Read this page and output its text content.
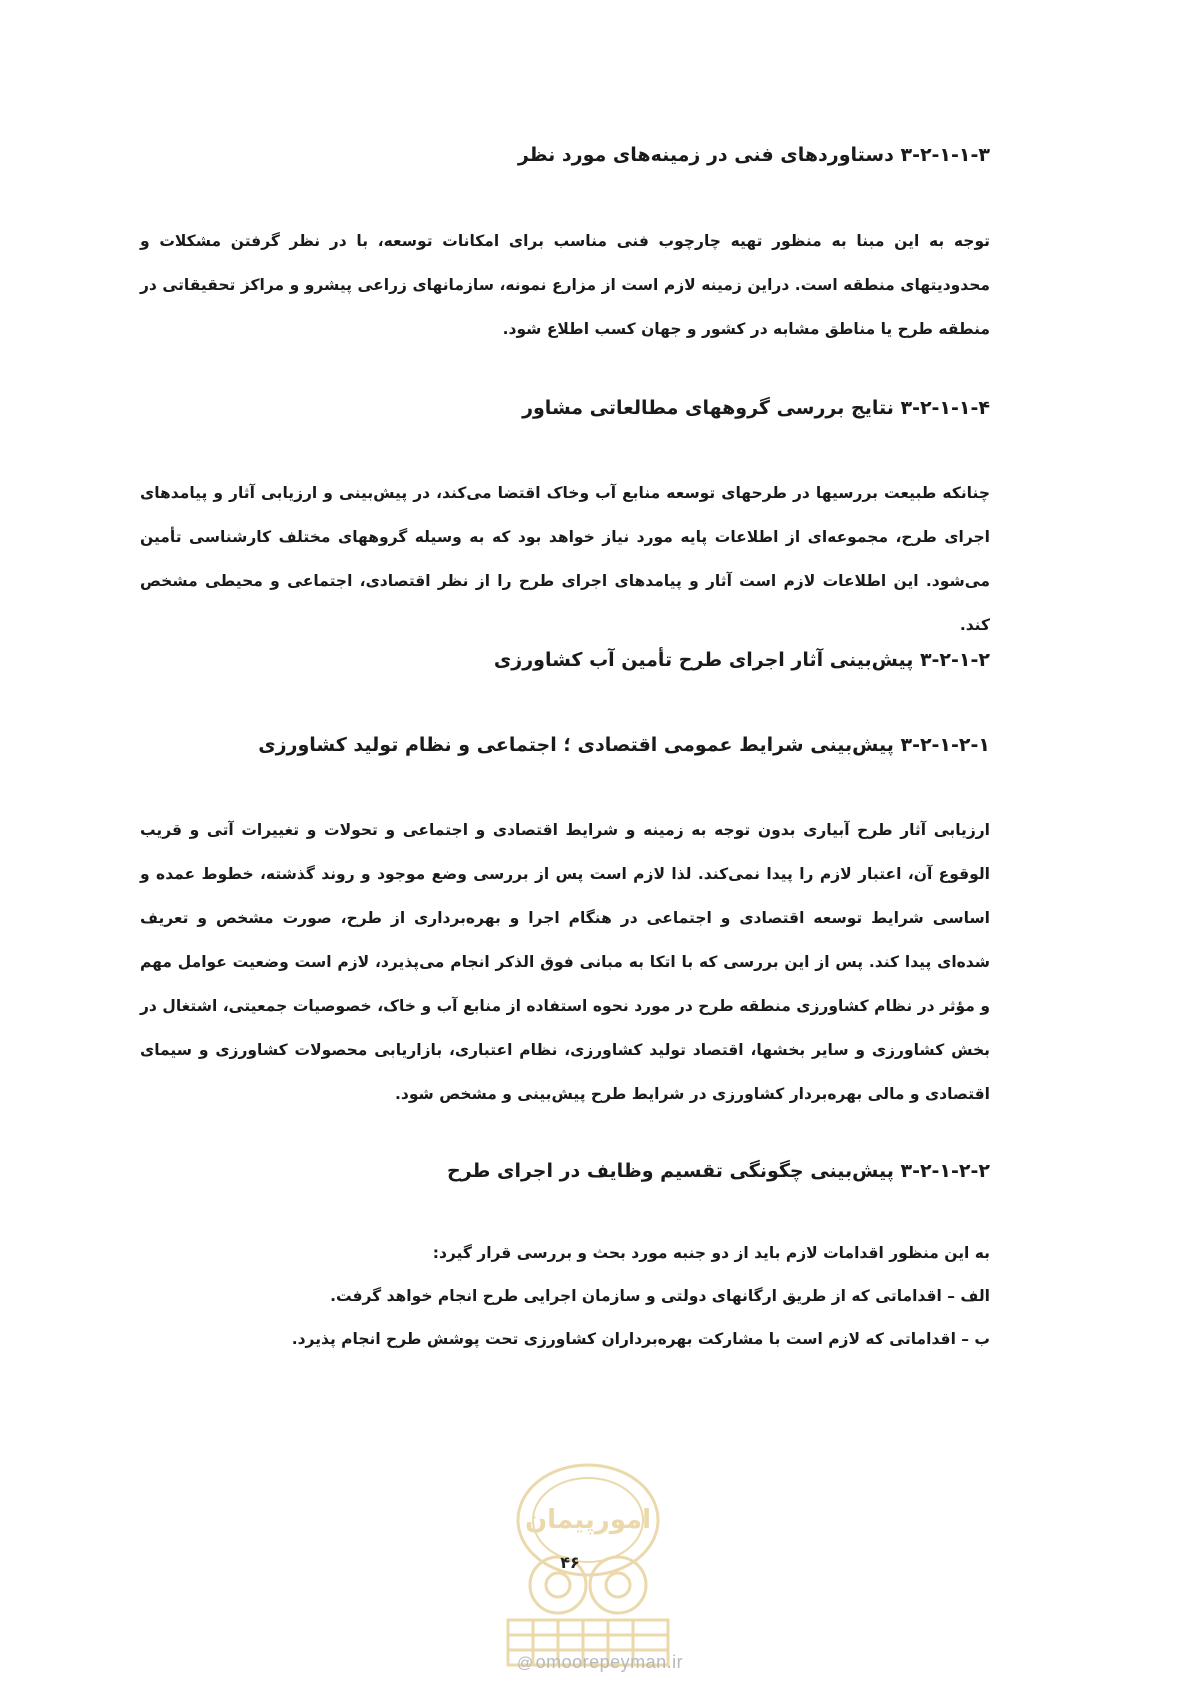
۳-۲-۱-۱-۳ دستاوردهای فنی در زمینه‌های مورد نظر
توجه به این مبنا به منظور تهیه چارچوب فنی مناسب برای امکانات توسعه، با در نظر گرفتن مشکلات و محدودیتهای منطقه است. دراین زمینه لازم است از مزارع نمونه، سازمانهای زراعی پیشرو و مراکز تحقیقاتی در منطقه طرح یا مناطق مشابه در کشور و جهان کسب اطلاع شود.
۳-۲-۱-۱-۴ نتایج بررسی گروههای مطالعاتی مشاور
چنانکه طبیعت بررسیها در طرحهای توسعه منابع آب وخاک اقتضا می‌کند، در پیش‌بینی و ارزیابی آثار و پیامدهای اجرای طرح، مجموعه‌ای از اطلاعات پایه مورد نیاز خواهد بود که به وسیله گروههای مختلف کارشناسی تأمین می‌شود. این اطلاعات لازم است آثار و پیامدهای اجرای طرح را از نظر اقتصادی، اجتماعی و محیطی مشخص کند.
۳-۲-۱-۲ پیش‌بینی آثار اجرای طرح تأمین آب کشاورزی
۳-۲-۱-۲-۱ پیش‌بینی شرایط عمومی اقتصادی ؛ اجتماعی و نظام تولید کشاورزی
ارزیابی آثار طرح آبیاری بدون توجه به زمینه و شرایط اقتصادی و اجتماعی و تحولات و تغییرات آتی و قریب الوقوع آن، اعتبار لازم را پیدا نمی‌کند. لذا لازم است پس از بررسی وضع موجود و روند گذشته، خطوط عمده و اساسی شرایط توسعه اقتصادی و اجتماعی در هنگام اجرا و بهره‌برداری از طرح، صورت مشخص و تعریف شده‌ای پیدا کند. پس از این بررسی که با اتکا به مبانی فوق الذکر انجام می‌پذیرد، لازم است وضعیت عوامل مهم و مؤثر در نظام کشاورزی منطقه طرح در مورد نحوه استفاده از منابع آب و خاک، خصوصیات جمعیتی، اشتغال در بخش کشاورزی و سایر بخشها، اقتصاد تولید کشاورزی، نظام اعتباری، بازاریابی محصولات کشاورزی و سیمای اقتصادی و مالی بهره‌بردار کشاورزی در شرایط طرح پیش‌بینی و مشخص شود.
۳-۲-۱-۲-۲ پیش‌بینی چگونگی تقسیم وظایف در اجرای طرح
به این منظور اقدامات لازم باید از دو جنبه مورد بحث و بررسی قرار گیرد:
الف – اقداماتی که از طریق ارگانهای دولتی و سازمان اجرایی طرح انجام خواهد گرفت.
ب – اقداماتی که لازم است با مشارکت بهره‌برداران کشاورزی تحت پوشش طرح انجام پذیرد.
امورپیمان
۴۶
@ omoorepeyman.ir
